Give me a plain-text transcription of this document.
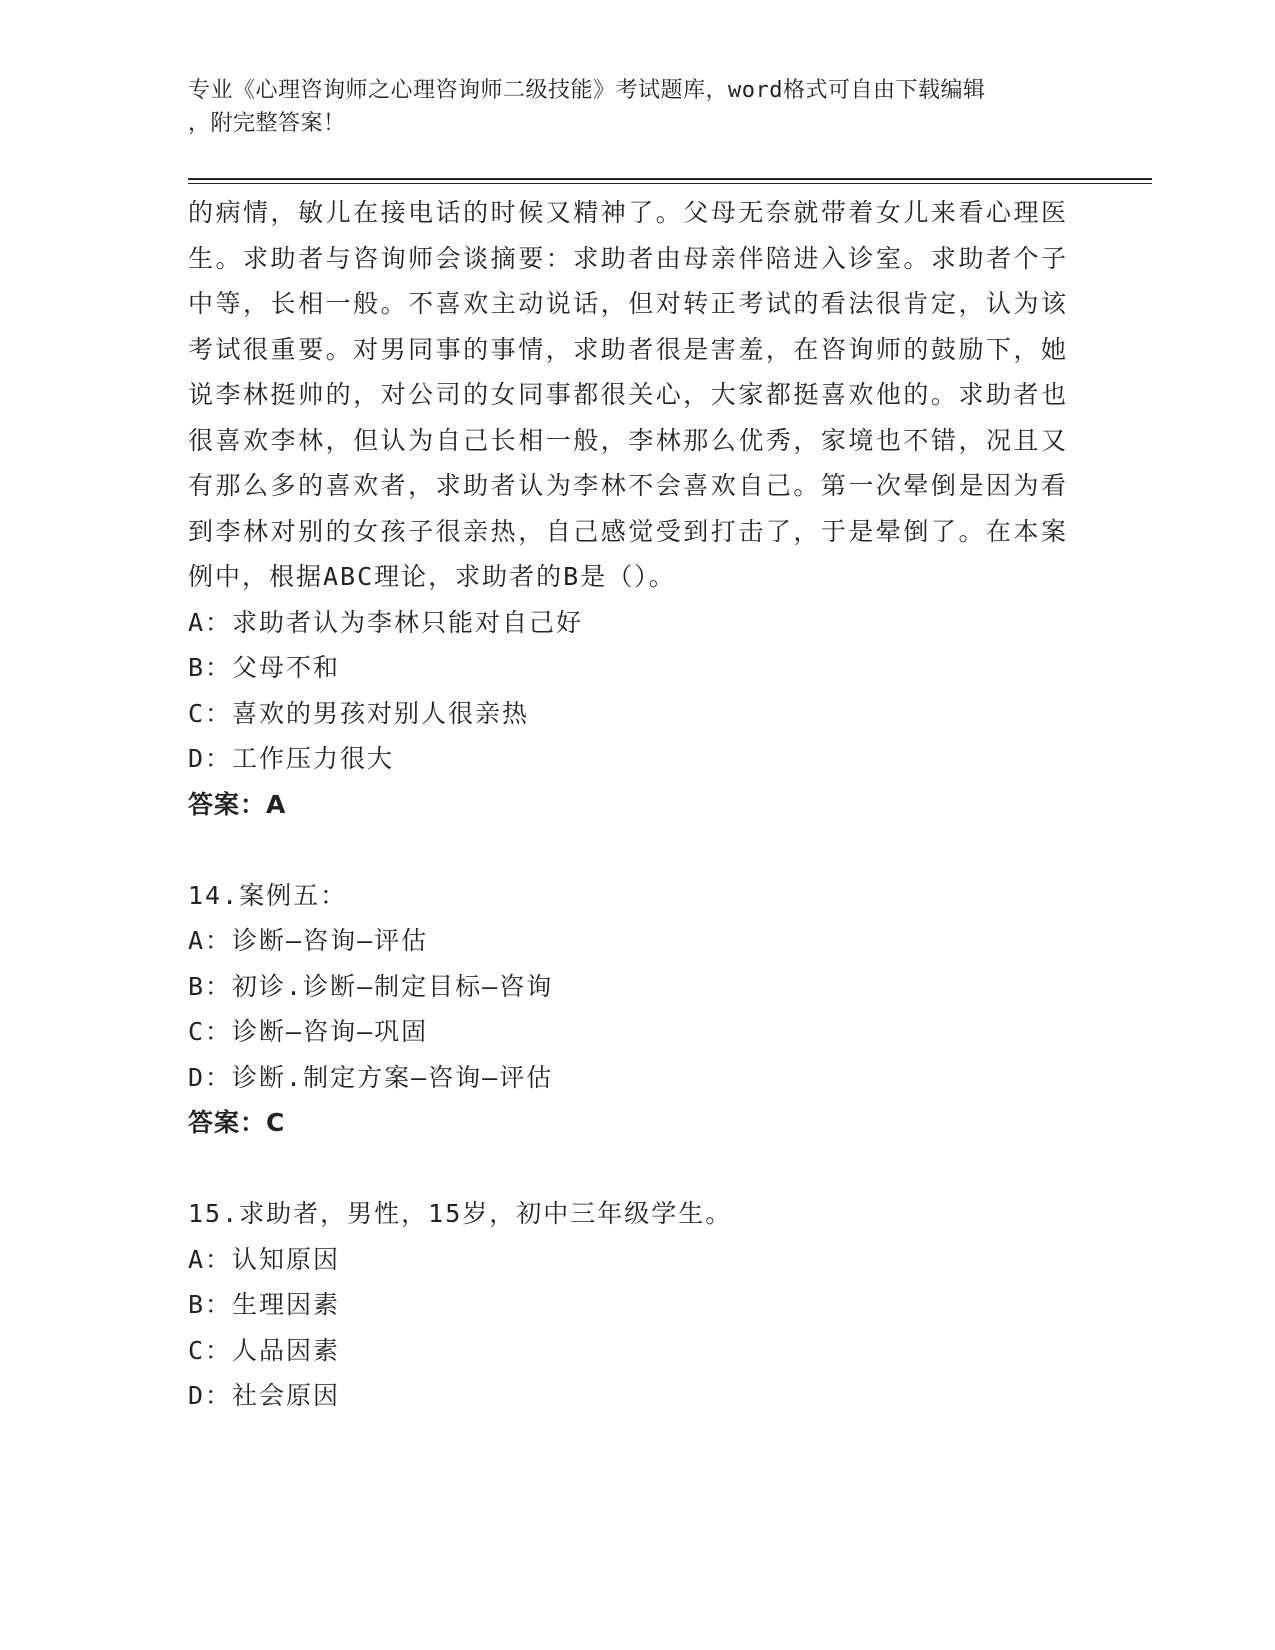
专业《心理咨询师之心理咨询师二级技能》考试题库，word格式可自由下载编辑
，附完整答案！

的病情，敏儿在接电话的时候又精神了。父母无奈就带着女儿来看心理医生。求助者与咨询师会谈摘要：求助者由母亲伴陪进入诊室。求助者个子中等，长相一般。不喜欢主动说话，但对转正考试的看法很肯定，认为该考试很重要。对男同事的事情，求助者很是害羞，在咨询师的鼓励下，她说李林挺帅的，对公司的女同事都很关心，大家都挺喜欢他的。求助者也很喜欢李林，但认为自己长相一般，李林那么优秀，家境也不错，况且又有那么多的喜欢者，求助者认为李林不会喜欢自己。第一次晕倒是因为看到李林对别的女孩子很亲热，自己感觉受到打击了，于是晕倒了。在本案例中，根据ABC理论，求助者的B是（）。

A：求助者认为李林只能对自己好

B：父母不和

C：喜欢的男孩对别人很亲热

D：工作压力很大

答案：A

14.案例五：

A：诊断—咨询—评估

B：初诊.诊断—制定目标—咨询

C：诊断—咨询—巩固

D：诊断.制定方案—咨询—评估

答案：C

15.求助者，男性，15岁，初中三年级学生。

A：认知原因

B：生理因素

C：人品因素

D：社会原因
